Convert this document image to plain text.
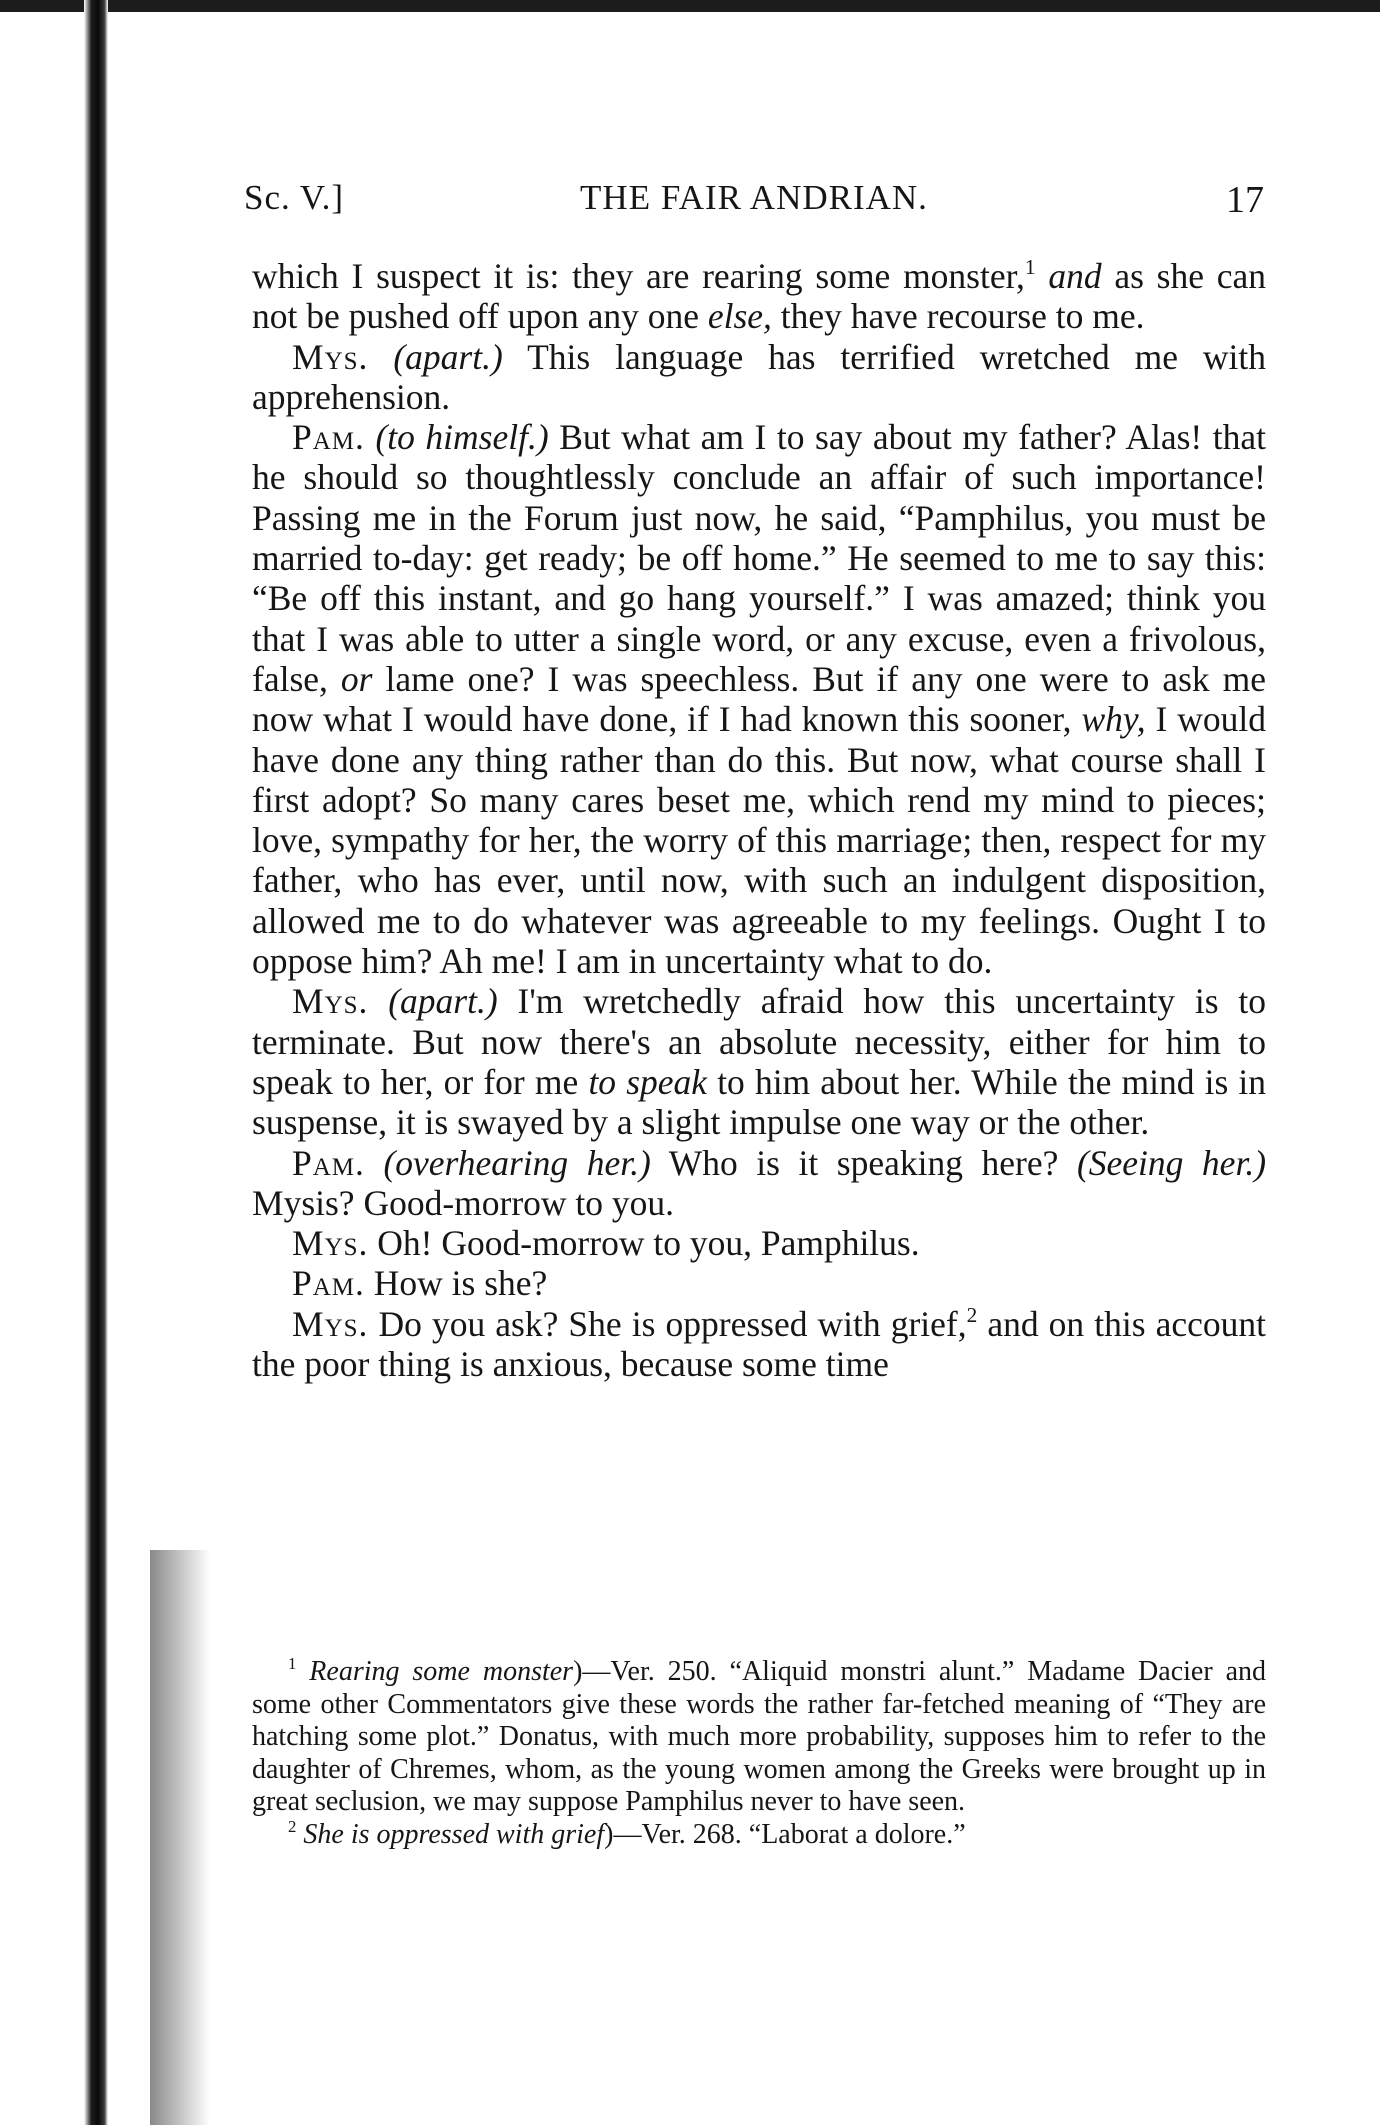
Sc. V.]	THE FAIR ANDRIAN.	17

which I suspect it is: they are rearing some monster,$^1$ and as she can not be pushed off upon any one else, they have recourse to me.

Mys. (apart.) This language has terrified wretched me with apprehension.

Pam. (to himself.) But what am I to say about my father? Alas! that he should so thoughtlessly conclude an affair of such importance! Passing me in the Forum just now, he said, “Pamphilus, you must be married to-day: get ready; be off home.” He seemed to me to say this: “Be off this instant, and go hang yourself.” I was amazed; think you that I was able to utter a single word, or any excuse, even a frivolous, false, or lame one? I was speechless. But if any one were to ask me now what I would have done, if I had known this sooner, why, I would have done any thing rather than do this. But now, what course shall I first adopt? So many cares beset me, which rend my mind to pieces; love, sympathy for her, the worry of this marriage; then, respect for my father, who has ever, until now, with such an indulgent disposition, allowed me to do whatever was agreeable to my feelings. Ought I to oppose him? Ah me! I am in uncertainty what to do.

Mys. (apart.) I'm wretchedly afraid how this uncertainty is to terminate. But now there's an absolute necessity, either for him to speak to her, or for me to speak to him about her. While the mind is in suspense, it is swayed by a slight impulse one way or the other.

Pam. (overhearing her.) Who is it speaking here? (Seeing her.) Mysis? Good-morrow to you.

Mys. Oh! Good-morrow to you, Pamphilus.

Pam. How is she?

Mys. Do you ask? She is oppressed with grief,$^2$ and on this account the poor thing is anxious, because some time

$^1$ Rearing some monster)—Ver. 250. “Aliquid monstri alunt.” Madame Dacier and some other Commentators give these words the rather far-fetched meaning of “They are hatching some plot.” Donatus, with much more probability, supposes him to refer to the daughter of Chremes, whom, as the young women among the Greeks were brought up in great seclusion, we may suppose Pamphilus never to have seen.

$^2$ She is oppressed with grief)—Ver. 268. “Laborat a dolore.”
